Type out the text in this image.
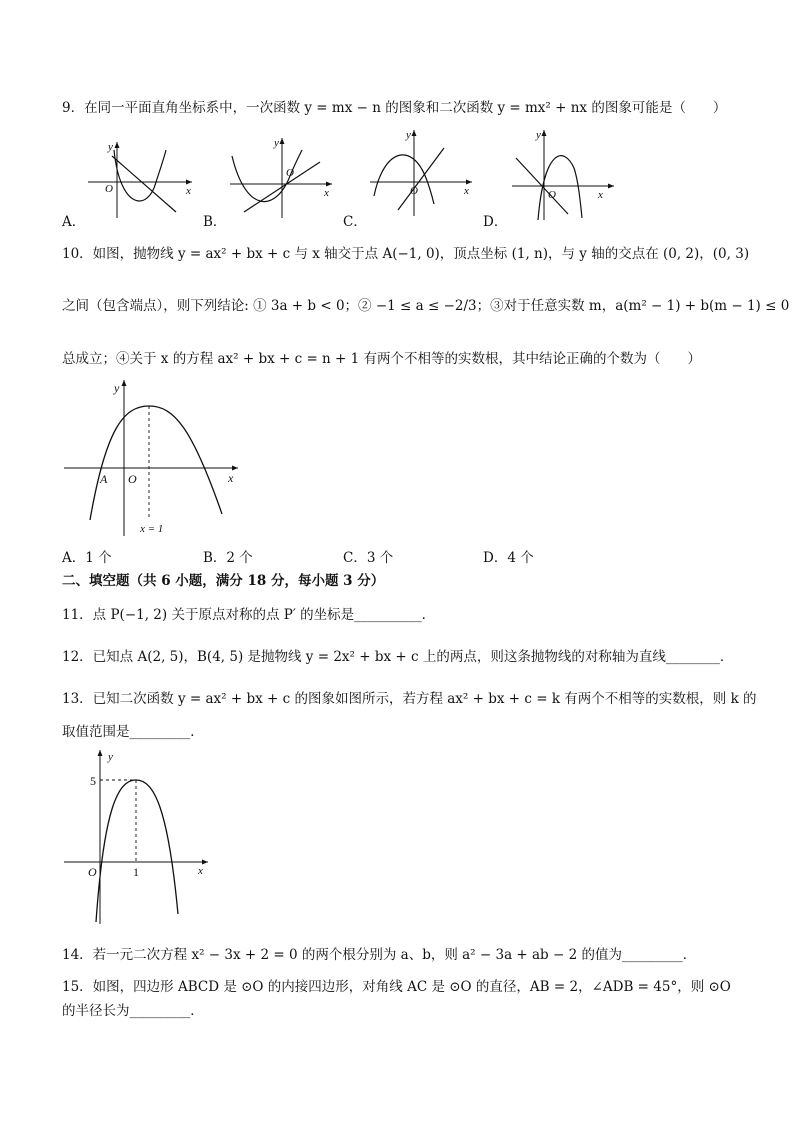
9．在同一平面直角坐标系中，一次函数 y = mx − n 的图象和二次函数 y = mx² + nx 的图象可能是（　　）
y
x
O
y
x
O
y
x
O
y
x
O
A．	B．	C．	D．
10．如图，抛物线 y = ax² + bx + c 与 x 轴交于点 A(−1, 0)，顶点坐标 (1, n)，与 y 轴的交点在 (0, 2)，(0, 3)
之间（包含端点），则下列结论: ① 3a + b < 0；② −1 ≤ a ≤ −2/3；③对于任意实数 m，a(m² − 1) + b(m − 1) ≤ 0
总成立；④关于 x 的方程 ax² + bx + c = n + 1 有两个不相等的实数根，其中结论正确的个数为（　　）
y
x
A O
x = 1
A．1 个	B．2 个	C．3 个	D．4 个
二、填空题（共 6 小题，满分 18 分，每小题 3 分）
11．点 P(−1, 2) 关于原点对称的点 P′ 的坐标是__________．
12．已知点 A(2, 5)，B(4, 5) 是抛物线 y = 2x² + bx + c 上的两点，则这条抛物线的对称轴为直线________．
13．已知二次函数 y = ax² + bx + c 的图象如图所示，若方程 ax² + bx + c = k 有两个不相等的实数根，则 k 的
取值范围是_________．
y
x
O
5
1
14．若一元二次方程 x² − 3x + 2 = 0 的两个根分别为 a、b，则 a² − 3a + ab − 2 的值为_________．
15．如图，四边形 ABCD 是 ⊙O 的内接四边形，对角线 AC 是 ⊙O 的直径，AB = 2，∠ADB = 45°，则 ⊙O
的半径长为_________．
